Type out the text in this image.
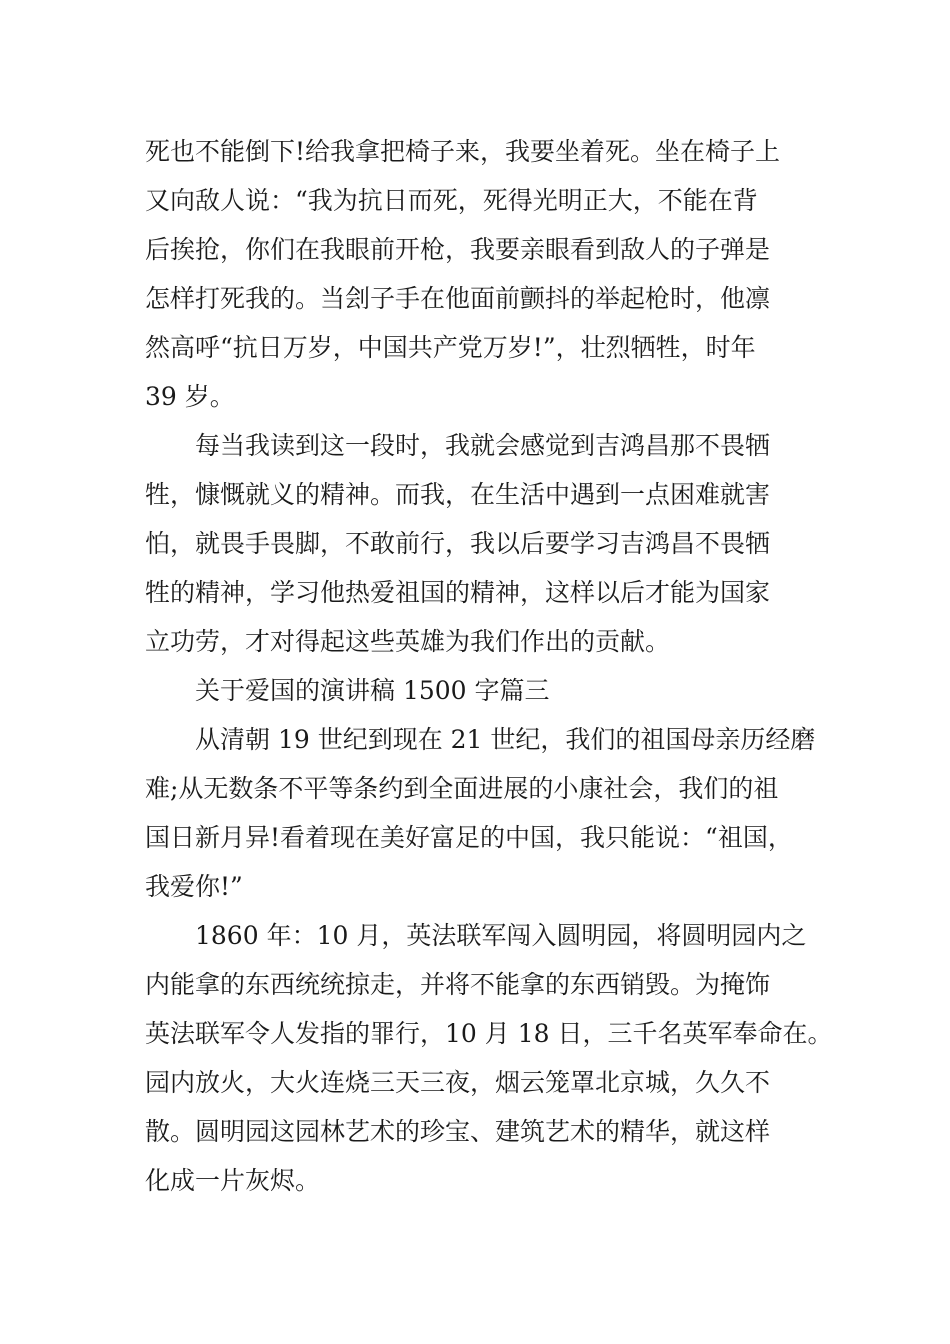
死也不能倒下!给我拿把椅子来，我要坐着死。坐在椅子上
又向敌人说：“我为抗日而死，死得光明正大，不能在背
后挨抢，你们在我眼前开枪，我要亲眼看到敌人的子弹是
怎样打死我的。当刽子手在他面前颤抖的举起枪时，他凛
然高呼“抗日万岁，中国共产党万岁!”，壮烈牺牲，时年
39 岁。

每当我读到这一段时，我就会感觉到吉鸿昌那不畏牺
牲，慷慨就义的精神。而我，在生活中遇到一点困难就害
怕，就畏手畏脚，不敢前行，我以后要学习吉鸿昌不畏牺
牲的精神，学习他热爱祖国的精神，这样以后才能为国家
立功劳，才对得起这些英雄为我们作出的贡献。

关于爱国的演讲稿 1500 字篇三

从清朝 19 世纪到现在 21 世纪，我们的祖国母亲历经磨
难;从无数条不平等条约到全面进展的小康社会，我们的祖
国日新月异!看着现在美好富足的中国，我只能说：“祖国，
我爱你!”

1860 年：10 月，英法联军闯入圆明园，将圆明园内之
内能拿的东西统统掠走，并将不能拿的东西销毁。为掩饰
英法联军令人发指的罪行，10 月 18 日，三千名英军奉命在。
园内放火，大火连烧三天三夜，烟云笼罩北京城，久久不
散。圆明园这园林艺术的珍宝、建筑艺术的精华，就这样
化成一片灰烬。
